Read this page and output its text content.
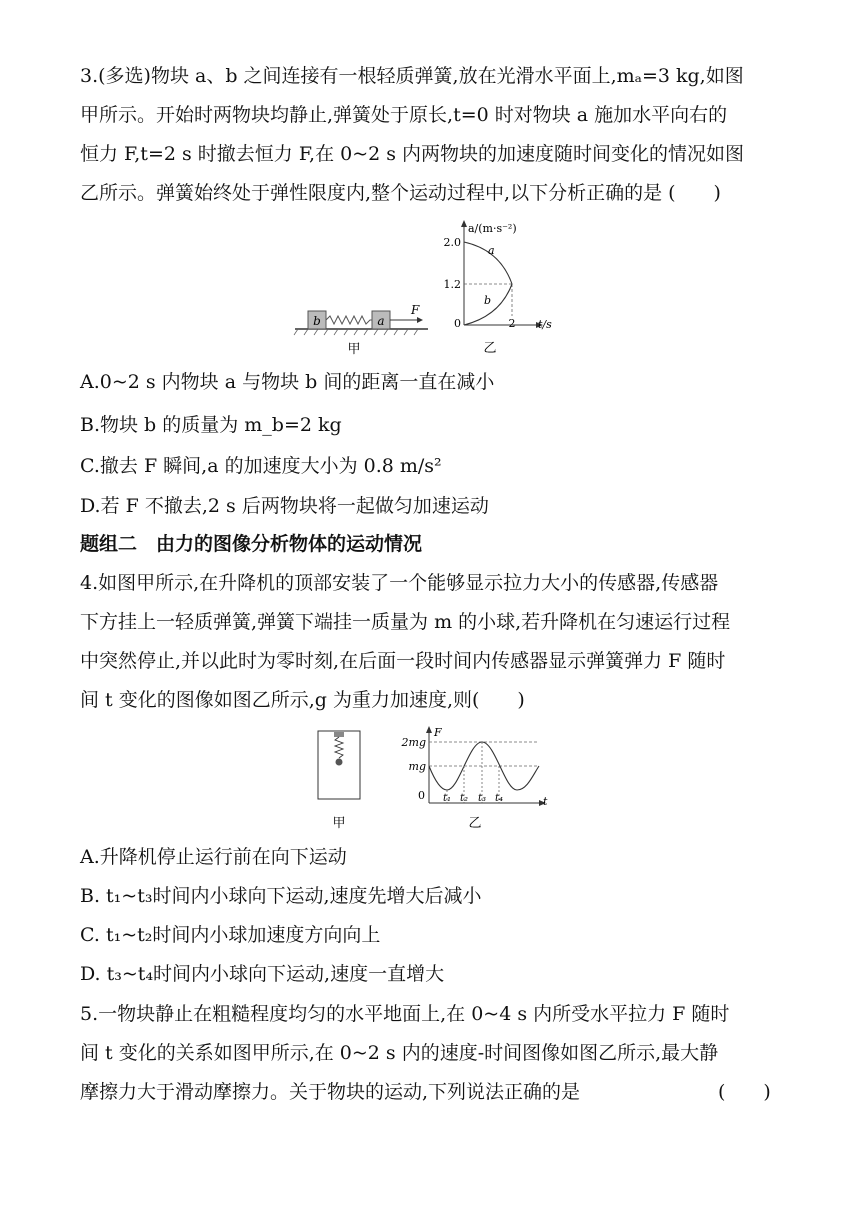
3.(多选)物块 a、b 之间连接有一根轻质弹簧,放在光滑水平面上,mₐ=3 kg,如图
甲所示。开始时两物块均静止,弹簧处于原长,t=0 时对物块 a 施加水平向右的
恒力 F,t=2 s 时撤去恒力 F,在 0~2 s 内两物块的加速度随时间变化的情况如图
乙所示。弹簧始终处于弹性限度内,整个运动过程中,以下分析正确的是 (　　)
b	a
F
甲
a/(m·s⁻²)
t/s
2.0
1.2
0	2
a
b
乙
A.0~2 s 内物块 a 与物块 b 间的距离一直在减小
B.物块 b 的质量为 m_b=2 kg
C.撤去 F 瞬间,a 的加速度大小为 0.8 m/s²
D.若 F 不撤去,2 s 后两物块将一起做匀加速运动
题组二　由力的图像分析物体的运动情况
4.如图甲所示,在升降机的顶部安装了一个能够显示拉力大小的传感器,传感器
下方挂上一轻质弹簧,弹簧下端挂一质量为 m 的小球,若升降机在匀速运行过程
中突然停止,并以此时为零时刻,在后面一段时间内传感器显示弹簧弹力 F 随时
间 t 变化的图像如图乙所示,g 为重力加速度,则(　　)
甲
F
t
2mg
mg
0 t₁ t₂ t₃ t₄
乙
A.升降机停止运行前在向下运动
B. t₁~t₃时间内小球向下运动,速度先增大后减小
C. t₁~t₂时间内小球加速度方向向上
D. t₃~t₄时间内小球向下运动,速度一直增大
5.一物块静止在粗糙程度均匀的水平地面上,在 0~4 s 内所受水平拉力 F 随时
间 t 变化的关系如图甲所示,在 0~2 s 内的速度-时间图像如图乙所示,最大静
摩擦力大于滑动摩擦力。关于物块的运动,下列说法正确的是	(　　)
